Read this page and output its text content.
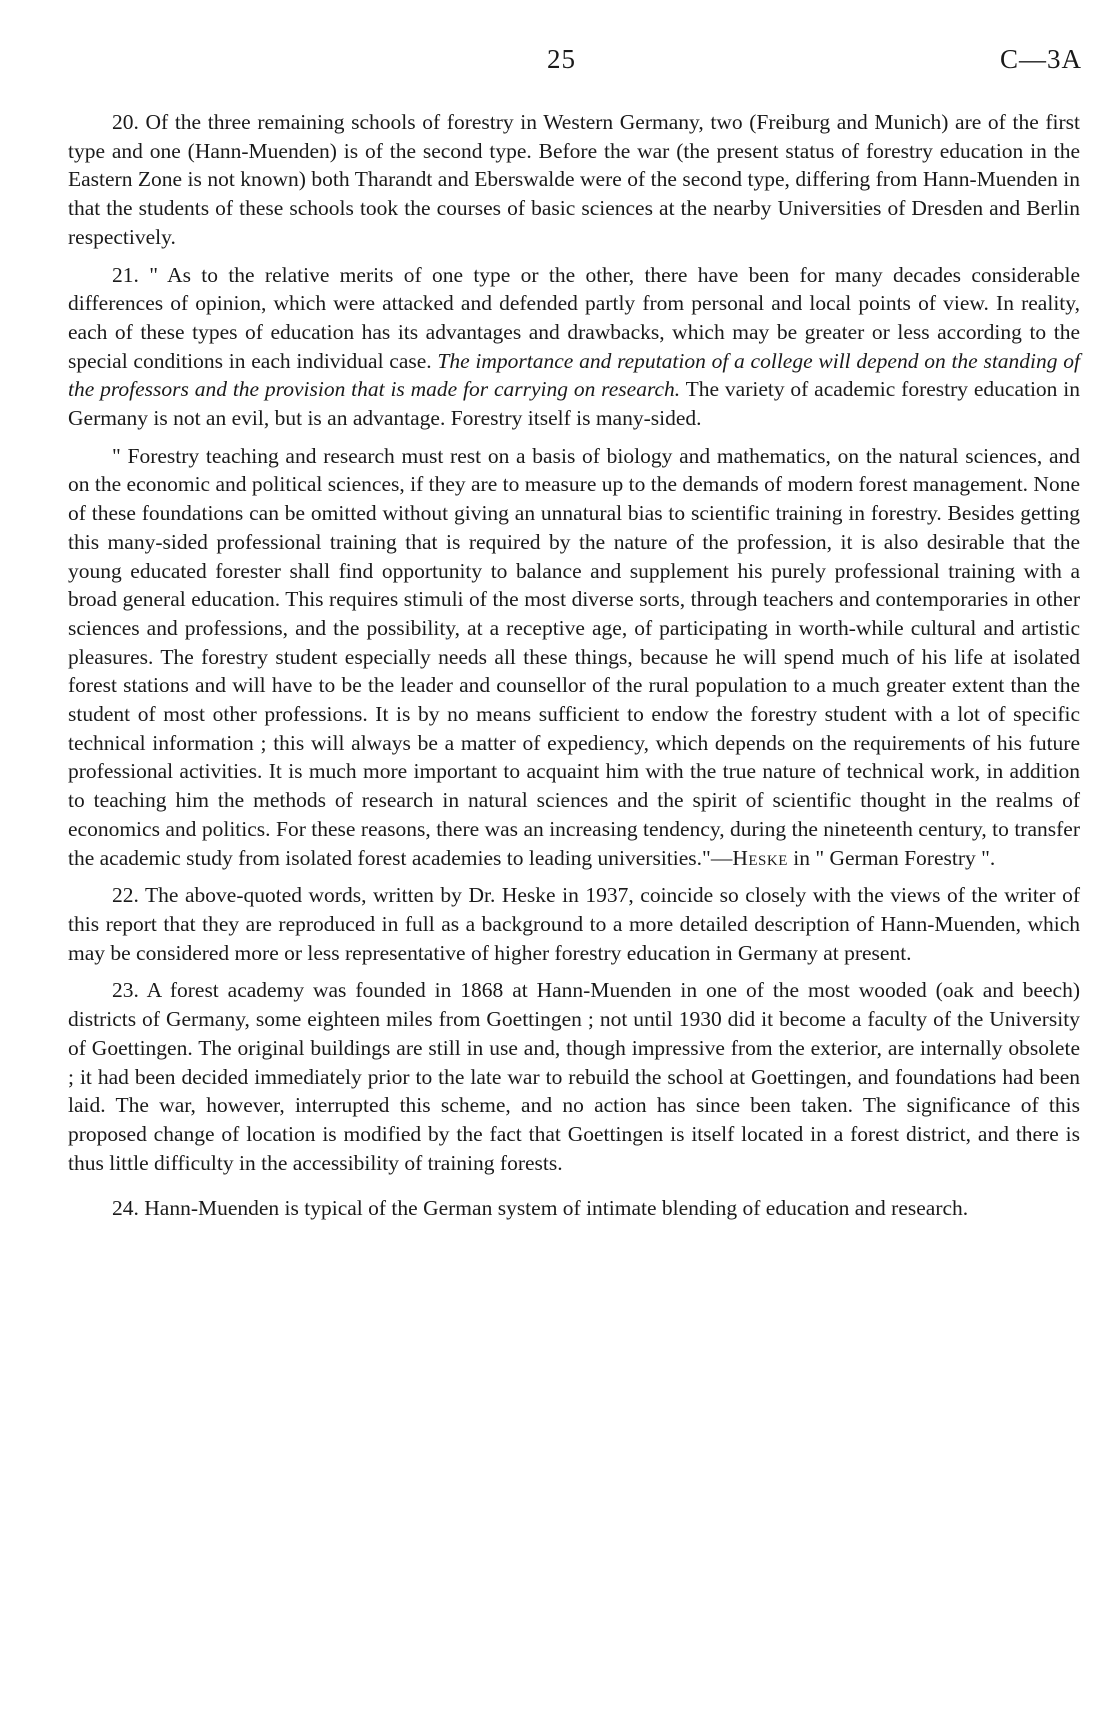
25	C—3A

20. Of the three remaining schools of forestry in Western Germany, two (Freiburg and Munich) are of the first type and one (Hann-Muenden) is of the second type. Before the war (the present status of forestry education in the Eastern Zone is not known) both Tharandt and Eberswalde were of the second type, differing from Hann-Muenden in that the students of these schools took the courses of basic sciences at the nearby Universities of Dresden and Berlin respectively.

21. " As to the relative merits of one type or the other, there have been for many decades considerable differences of opinion, which were attacked and defended partly from personal and local points of view. In reality, each of these types of education has its advantages and drawbacks, which may be greater or less according to the special conditions in each individual case. The importance and reputation of a college will depend on the standing of the professors and the provision that is made for carrying on research. The variety of academic forestry education in Germany is not an evil, but is an advantage. Forestry itself is many-sided.

" Forestry teaching and research must rest on a basis of biology and mathematics, on the natural sciences, and on the economic and political sciences, if they are to measure up to the demands of modern forest management. None of these foundations can be omitted without giving an unnatural bias to scientific training in forestry. Besides getting this many-sided professional training that is required by the nature of the profession, it is also desirable that the young educated forester shall find opportunity to balance and supplement his purely professional training with a broad general education. This requires stimuli of the most diverse sorts, through teachers and contemporaries in other sciences and professions, and the possibility, at a receptive age, of participating in worth-while cultural and artistic pleasures. The forestry student especially needs all these things, because he will spend much of his life at isolated forest stations and will have to be the leader and counsellor of the rural population to a much greater extent than the student of most other professions. It is by no means sufficient to endow the forestry student with a lot of specific technical information ; this will always be a matter of expediency, which depends on the requirements of his future professional activities. It is much more important to acquaint him with the true nature of technical work, in addition to teaching him the methods of research in natural sciences and the spirit of scientific thought in the realms of economics and politics. For these reasons, there was an increasing tendency, during the nineteenth century, to transfer the academic study from isolated forest academies to leading universities."—Heske in " German Forestry ".

22. The above-quoted words, written by Dr. Heske in 1937, coincide so closely with the views of the writer of this report that they are reproduced in full as a background to a more detailed description of Hann-Muenden, which may be considered more or less representative of higher forestry education in Germany at present.

23. A forest academy was founded in 1868 at Hann-Muenden in one of the most wooded (oak and beech) districts of Germany, some eighteen miles from Goettingen ; not until 1930 did it become a faculty of the University of Goettingen. The original buildings are still in use and, though impressive from the exterior, are internally obsolete ; it had been decided immediately prior to the late war to rebuild the school at Goettingen, and foundations had been laid. The war, however, interrupted this scheme, and no action has since been taken. The significance of this proposed change of location is modified by the fact that Goettingen is itself located in a forest district, and there is thus little difficulty in the accessibility of training forests.

24. Hann-Muenden is typical of the German system of intimate blending of education and research.
